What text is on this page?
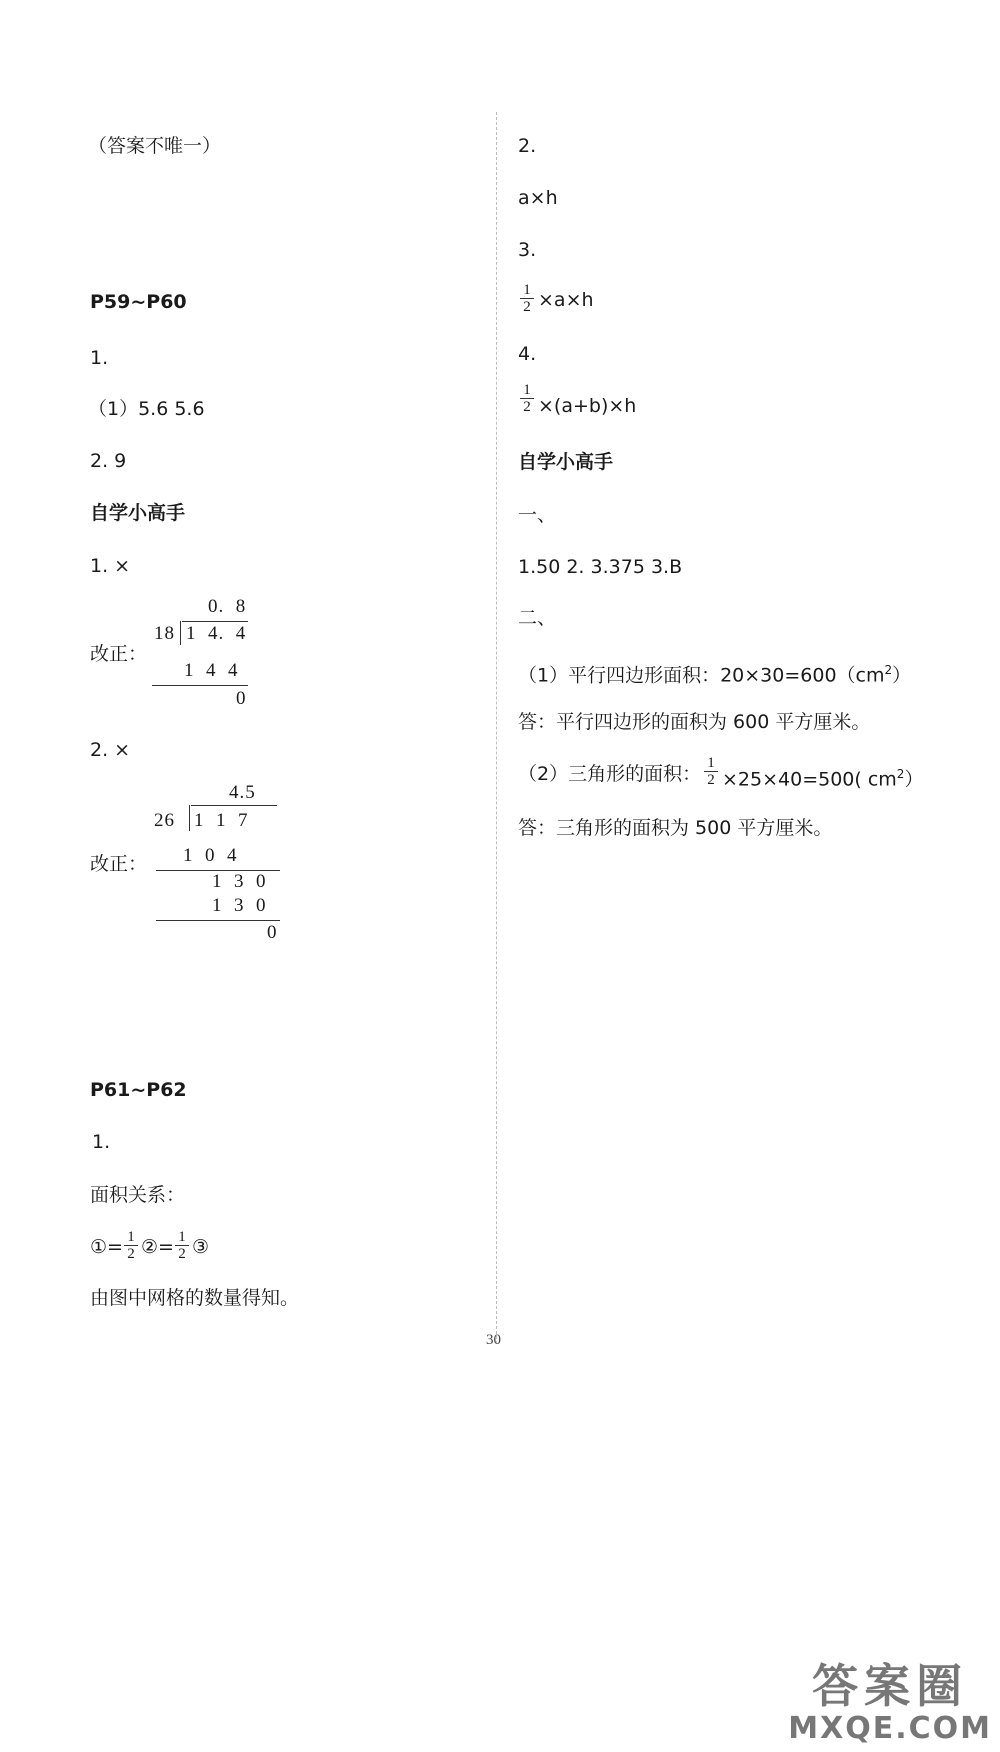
（答案不唯一）
P59~P60
1.
（1）5.6 5.6
2. 9
自学小高手
1. ×
0.  8
18 1  4.  4
1  4  4
0
改正：
2. ×
4.5
26 1  1  7
1  0  4
1  3  0
1  3  0
0
改正：
P61~P62
1.
面积关系：
①= $\frac{1}{2}$ ②= $\frac{1}{2}$ ③
由图中网格的数量得知。
2.
a×h
3.
$\frac{1}{2} \times a\times h$
4.
$\frac{1}{2} \times(a+b)\times h$
自学小高手
一、
1.50 2. 3.375 3.B
二、
（1）平行四边形面积：$20\times 30=600(cm^2)$
答：平行四边形的面积为 600 平方厘米。
（2）三角形的面积： $\frac{1}{2} \times 25\times 40=500$( $cm^2$）
答：三角形的面积为 500 平方厘米。
30
答案圈
MXQE.COM
